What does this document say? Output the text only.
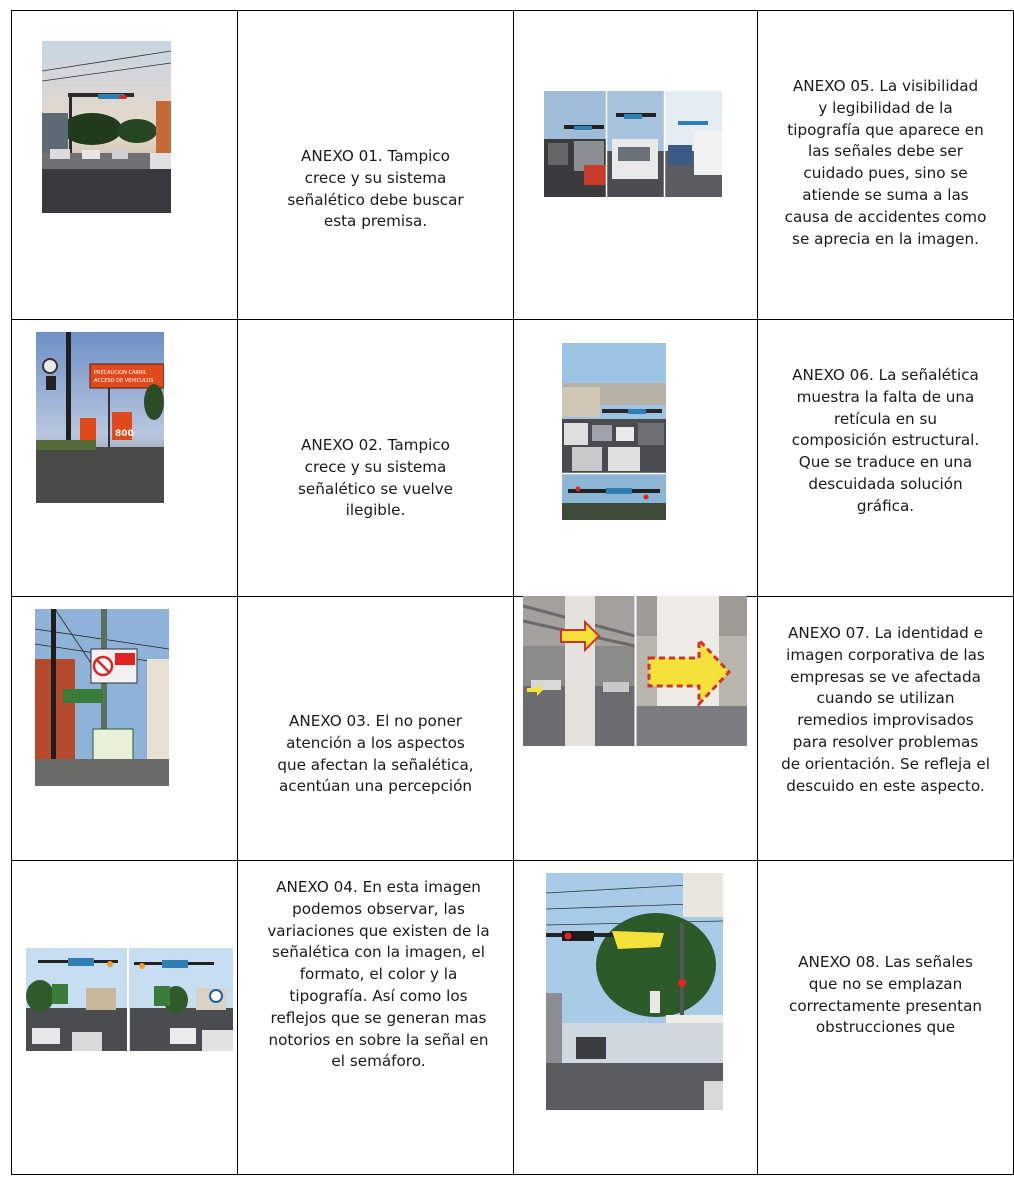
ANEXO 01. Tampico
crece y su sistema
señalético debe buscar
esta premisa.
ANEXO 05. La visibilidad
y legibilidad de la
tipografía que aparece en
las señales debe ser
cuidado pues, sino se
atiende se suma a las
causa de accidentes como
se aprecia en la imagen.
PRECAUCION CARRIL
ACCESO DE VEHICULOS
800
ANEXO 02. Tampico
crece y su sistema
señalético se vuelve
ilegible.
ANEXO 06. La señalética
muestra la falta de una
retícula en su
composición estructural.
Que se traduce en una
descuidada solución
gráfica.
ANEXO 03. El no poner
atención a los aspectos
que afectan la señalética,
acentúan una percepción
ANEXO 07. La identidad e
imagen corporativa de las
empresas se ve afectada
cuando se utilizan
remedios improvisados
para resolver problemas
de orientación. Se refleja el
descuido en este aspecto.
ANEXO 04. En esta imagen
podemos observar, las
variaciones que existen de la
señalética con la imagen, el
formato, el color y la
tipografía. Así como los
reflejos que se generan mas
notorios en sobre la señal en
el semáforo.
ANEXO 08. Las señales
que no se emplazan
correctamente presentan
obstrucciones que
